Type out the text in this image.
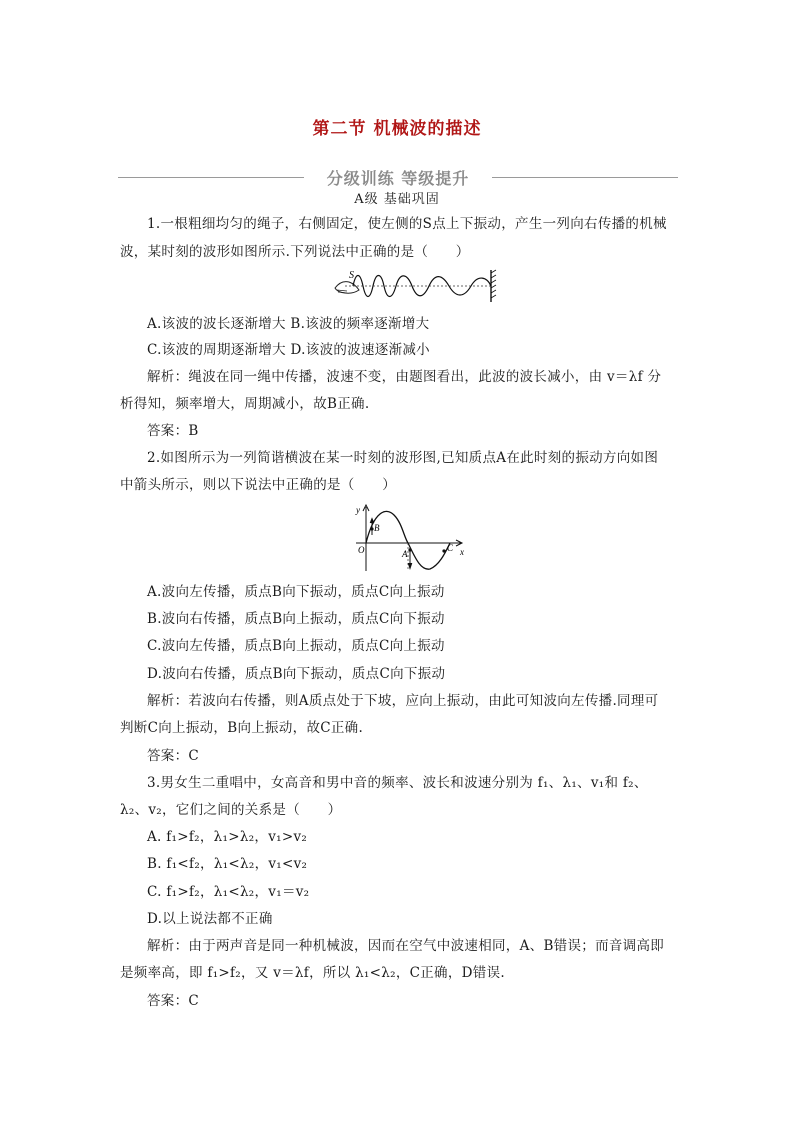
第二节 机械波的描述
分级训练 等级提升
A级 基础巩固
1.一根粗细均匀的绳子，右侧固定，使左侧的S点上下振动，产生一列向右传播的机械
波，某时刻的波形如图所示.下列说法中正确的是（　　）
S
A.该波的波长逐渐增大 B.该波的频率逐渐增大
C.该波的周期逐渐增大 D.该波的波速逐渐减小
解析：绳波在同一绳中传播，波速不变，由题图看出，此波的波长减小，由 v＝λf 分
析得知，频率增大，周期减小，故B正确.
答案：B
2.如图所示为一列简谐横波在某一时刻的波形图,已知质点A在此时刻的振动方向如图
中箭头所示，则以下说法中正确的是（　　）
y
x
O
B
A
C
A.波向左传播，质点B向下振动，质点C向上振动
B.波向右传播，质点B向上振动，质点C向下振动
C.波向左传播，质点B向上振动，质点C向上振动
D.波向右传播，质点B向下振动，质点C向下振动
解析：若波向右传播，则A质点处于下坡，应向上振动，由此可知波向左传播.同理可
判断C向上振动，B向上振动，故C正确.
答案：C
3.男女生二重唱中，女高音和男中音的频率、波长和波速分别为 f₁、λ₁、v₁和 f₂、
λ₂、v₂，它们之间的关系是（　　）
A. f₁>f₂，λ₁>λ₂，v₁>v₂
B. f₁<f₂，λ₁<λ₂，v₁<v₂
C. f₁>f₂，λ₁<λ₂，v₁＝v₂
D.以上说法都不正确
解析：由于两声音是同一种机械波，因而在空气中波速相同，A、B错误；而音调高即
是频率高，即 f₁>f₂，又 v＝λf，所以 λ₁<λ₂，C正确，D错误.
答案：C
